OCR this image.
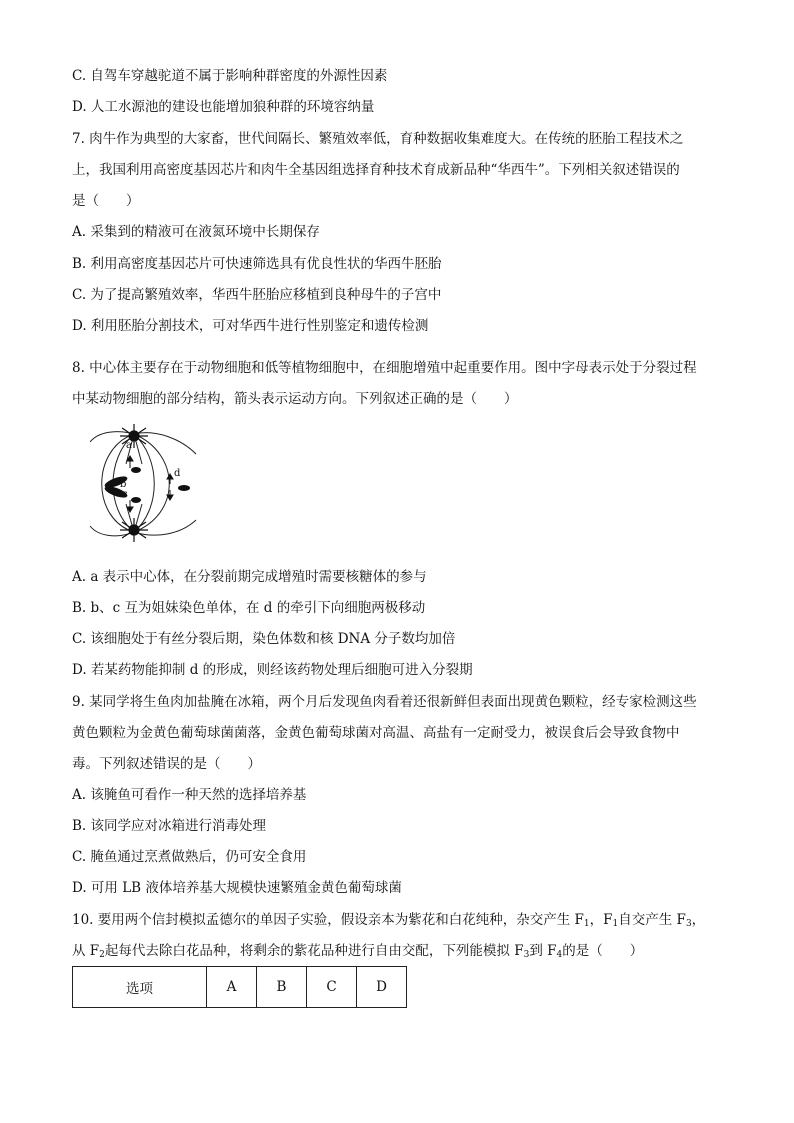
C. 自驾车穿越驼道不属于影响种群密度的外源性因素
D. 人工水源池的建设也能增加狼种群的环境容纳量
7. 肉牛作为典型的大家畜，世代间隔长、繁殖效率低，育种数据收集难度大。在传统的胚胎工程技术之
上，我国利用高密度基因芯片和肉牛全基因组选择育种技术育成新品种“华西牛”。下列相关叙述错误的
是（　　）
A. 采集到的精液可在液氮环境中长期保存
B. 利用高密度基因芯片可快速筛选具有优良性状的华西牛胚胎
C. 为了提高繁殖效率，华西牛胚胎应移植到良种母牛的子宫中
D. 利用胚胎分割技术，可对华西牛进行性别鉴定和遗传检测
8. 中心体主要存在于动物细胞和低等植物细胞中，在细胞增殖中起重要作用。图中字母表示处于分裂过程
中某动物细胞的部分结构，箭头表示运动方向。下列叙述正确的是（　　）
a
b
c
d
A. a 表示中心体，在分裂前期完成增殖时需要核糖体的参与
B. b、c 互为姐妹染色单体，在 d 的牵引下向细胞两极移动
C. 该细胞处于有丝分裂后期，染色体数和核 DNA 分子数均加倍
D. 若某药物能抑制 d 的形成，则经该药物处理后细胞可进入分裂期
9. 某同学将生鱼肉加盐腌在冰箱，两个月后发现鱼肉看着还很新鲜但表面出现黄色颗粒，经专家检测这些
黄色颗粒为金黄色葡萄球菌菌落，金黄色葡萄球菌对高温、高盐有一定耐受力，被误食后会导致食物中
毒。下列叙述错误的是（　　）
A. 该腌鱼可看作一种天然的选择培养基
B. 该同学应对冰箱进行消毒处理
C. 腌鱼通过烹煮做熟后，仍可安全食用
D. 可用 LB 液体培养基大规模快速繁殖金黄色葡萄球菌
10. 要用两个信封模拟孟德尔的单因子实验，假设亲本为紫花和白花纯种，杂交产生 $F_1$，$F_1$自交产生 $F_3$，
从 $F_2$起每代去除白花品种，将剩余的紫花品种进行自由交配，下列能模拟 $F_3$到 $F_4$的是（　　）
选项	A	B	C	D
